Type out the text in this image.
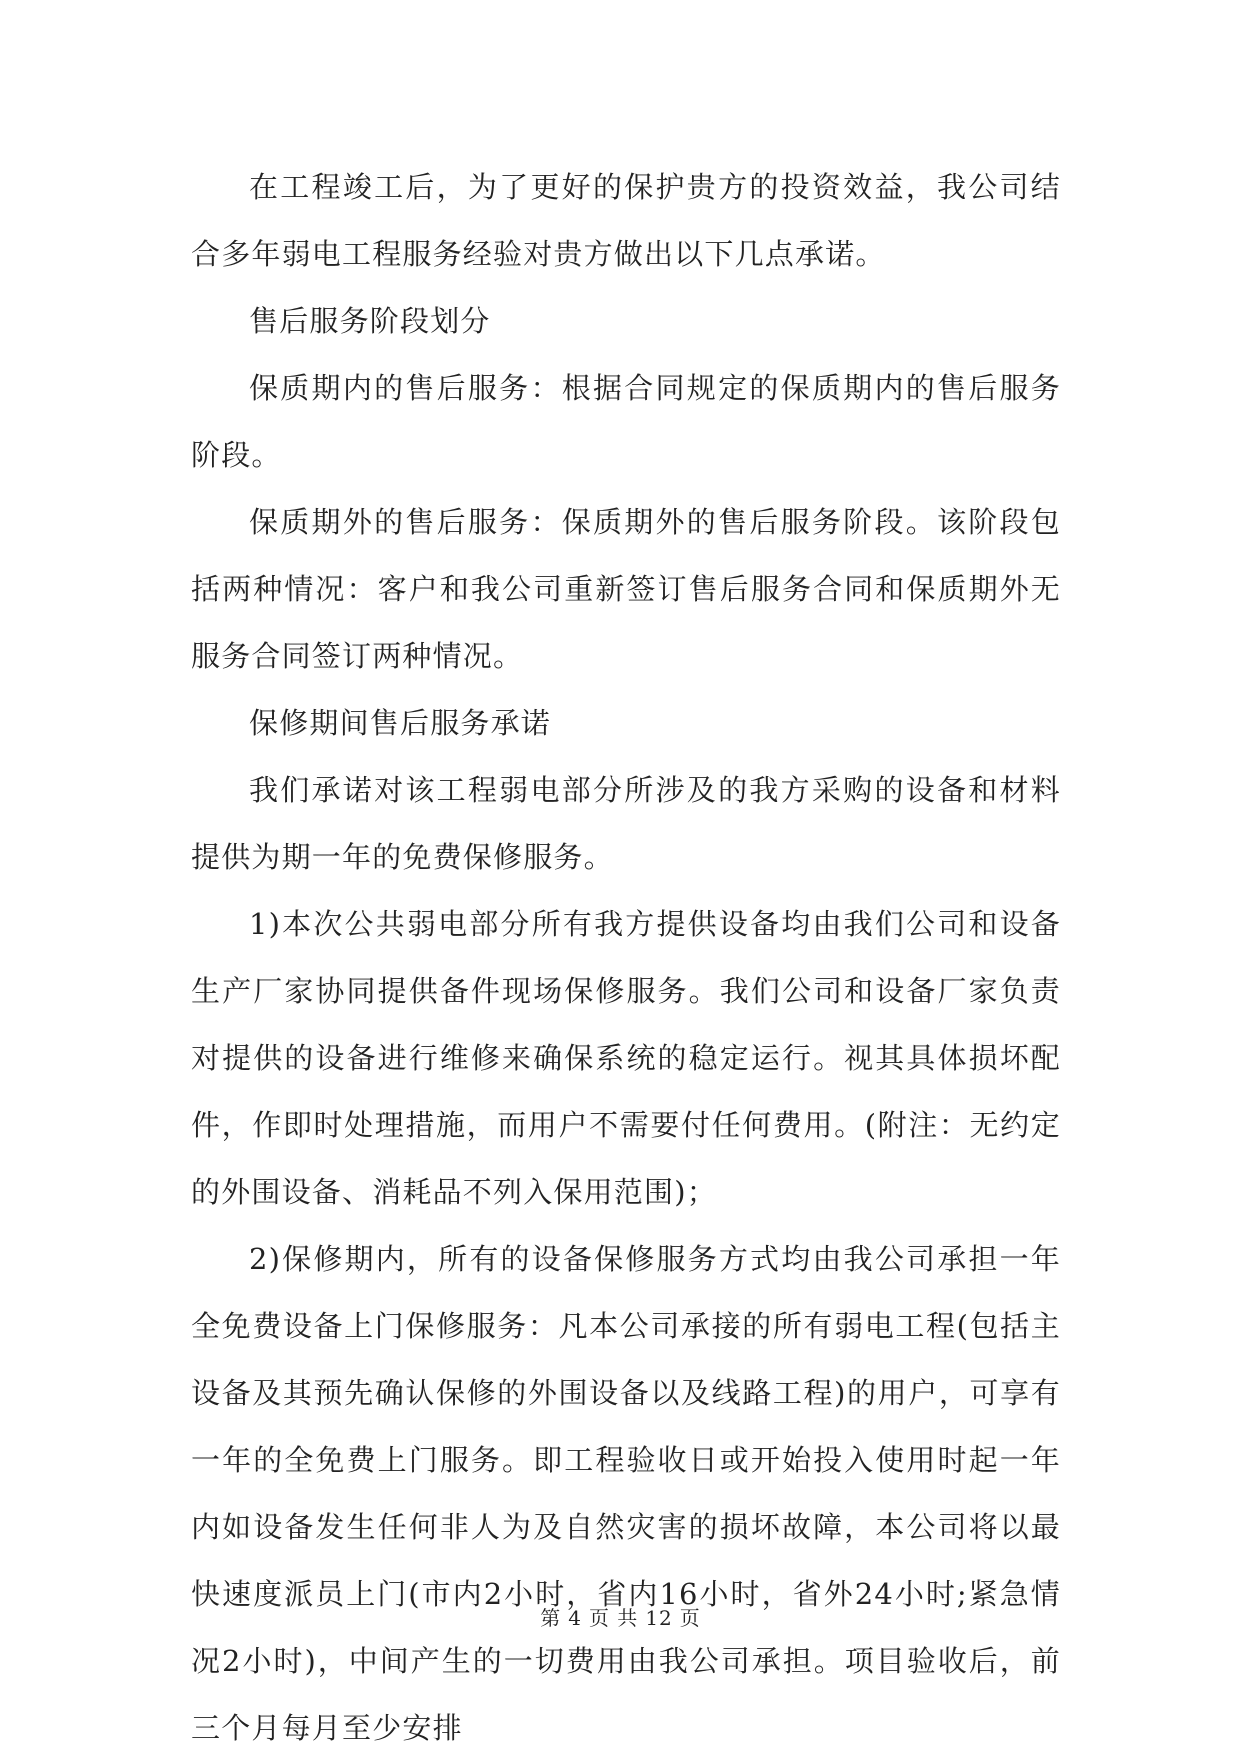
在工程竣工后，为了更好的保护贵方的投资效益，我公司结合多年弱电工程服务经验对贵方做出以下几点承诺。

售后服务阶段划分

保质期内的售后服务：根据合同规定的保质期内的售后服务阶段。

保质期外的售后服务：保质期外的售后服务阶段。该阶段包括两种情况：客户和我公司重新签订售后服务合同和保质期外无服务合同签订两种情况。

保修期间售后服务承诺

我们承诺对该工程弱电部分所涉及的我方采购的设备和材料提供为期一年的免费保修服务。

1)本次公共弱电部分所有我方提供设备均由我们公司和设备生产厂家协同提供备件现场保修服务。我们公司和设备厂家负责对提供的设备进行维修来确保系统的稳定运行。视其具体损坏配件，作即时处理措施，而用户不需要付任何费用。(附注：无约定的外围设备、消耗品不列入保用范围)；

2)保修期内，所有的设备保修服务方式均由我公司承担一年全免费设备上门保修服务：凡本公司承接的所有弱电工程(包括主设备及其预先确认保修的外围设备以及线路工程)的用户，可享有一年的全免费上门服务。即工程验收日或开始投入使用时起一年内如设备发生任何非人为及自然灾害的损坏故障，本公司将以最快速度派员上门(市内2小时，省内16小时，省外24小时;紧急情况2小时)，中间产生的一切费用由我公司承担。项目验收后，前三个月每月至少安排

第 4 页 共 12 页
